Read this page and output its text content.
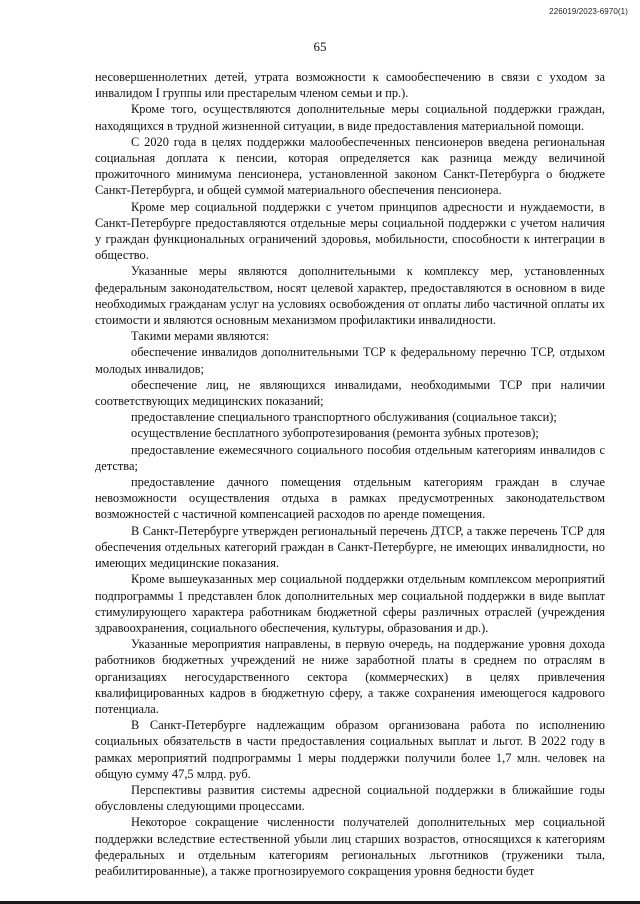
226019/2023-6970(1)
65

несовершеннолетних детей, утрата возможности к самообеспечению в связи с уходом за инвалидом I группы или престарелым членом семьи и пр.).

Кроме того, осуществляются дополнительные меры социальной поддержки граждан, находящихся в трудной жизненной ситуации, в виде предоставления материальной помощи.

С 2020 года в целях поддержки малообеспеченных пенсионеров введена региональная социальная доплата к пенсии, которая определяется как разница между величиной прожиточного минимума пенсионера, установленной законом Санкт-Петербурга о бюджете Санкт-Петербурга, и общей суммой материального обеспечения пенсионера.

Кроме мер социальной поддержки с учетом принципов адресности и нуждаемости, в Санкт-Петербурге предоставляются отдельные меры социальной поддержки с учетом наличия у граждан функциональных ограничений здоровья, мобильности, способности к интеграции в общество.

Указанные меры являются дополнительными к комплексу мер, установленных федеральным законодательством, носят целевой характер, предоставляются в основном в виде необходимых гражданам услуг на условиях освобождения от оплаты либо частичной оплаты их стоимости и являются основным механизмом профилактики инвалидности.

Такими мерами являются:

обеспечение инвалидов дополнительными ТСР к федеральному перечню ТСР, отдыхом молодых инвалидов;

обеспечение лиц, не являющихся инвалидами, необходимыми ТСР при наличии соответствующих медицинских показаний;

предоставление специального транспортного обслуживания (социальное такси);

осуществление бесплатного зубопротезирования (ремонта зубных протезов);

предоставление ежемесячного социального пособия отдельным категориям инвалидов с детства;

предоставление дачного помещения отдельным категориям граждан в случае невозможности осуществления отдыха в рамках предусмотренных законодательством возможностей с частичной компенсацией расходов по аренде помещения.

В Санкт-Петербурге утвержден региональный перечень ДТСР, а также перечень ТСР для обеспечения отдельных категорий граждан в Санкт-Петербурге, не имеющих инвалидности, но имеющих медицинские показания.

Кроме вышеуказанных мер социальной поддержки отдельным комплексом мероприятий подпрограммы 1 представлен блок дополнительных мер социальной поддержки в виде выплат стимулирующего характера работникам бюджетной сферы различных отраслей (учреждения здравоохранения, социального обеспечения, культуры, образования и др.).

Указанные мероприятия направлены, в первую очередь, на поддержание уровня дохода работников бюджетных учреждений не ниже заработной платы в среднем по отраслям в организациях негосударственного сектора (коммерческих) в целях привлечения квалифицированных кадров в бюджетную сферу, а также сохранения имеющегося кадрового потенциала.

В Санкт-Петербурге надлежащим образом организована работа по исполнению социальных обязательств в части предоставления социальных выплат и льгот. В 2022 году в рамках мероприятий подпрограммы 1 меры поддержки получили более 1,7 млн. человек на общую сумму 47,5 млрд. руб.

Перспективы развития системы адресной социальной поддержки в ближайшие годы обусловлены следующими процессами.

Некоторое сокращение численности получателей дополнительных мер социальной поддержки вследствие естественной убыли лиц старших возрастов, относящихся к категориям федеральных и отдельным категориям региональных льготников (труженики тыла, реабилитированные), а также прогнозируемого сокращения уровня бедности будет
